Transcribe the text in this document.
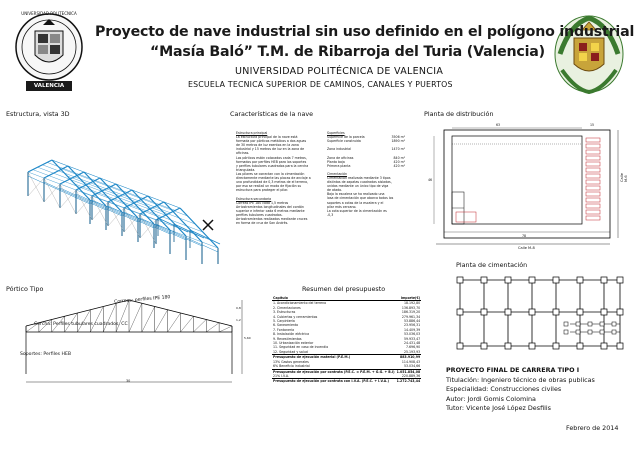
UNIVERSIDAD POLITECNICA
VALENCIA
Proyecto de nave industrial sin uso definido en el polígono industrial
“Masía Baló” T.M. de Ribarroja del Turia (Valencia)
UNIVERSIDAD POLITÉCNICA DE VALENCIA
ESCUELA TECNICA SUPERIOR DE CAMINOS, CANALES Y PUERTOS
Estructura, vista 3D	Características de la nave	Planta de distribución
Pórtico Tipo	Resumen del presupuesto
Planta de cimentación
Estructura principal
La estructura principal de la nave está
formada por pórticos metálicos a dos aguas
de 30 metros de luz exentos en la zona
industrial y 15 metros de luz en la zona de
oficinas.
Los pórticos están colocados cada 7 metros,
formados por perfiles HEB para los soportes
y perfiles tubulares cuadrados para la cercha
trianguladа.
Los pilares se conectan con la cimentación
directamente mediante las placas de anclaje a
una profundidad de 0,3 metros de el terreno,
por eso se realizó un modo de fijación su
estructura para proteger el pilar.

Estructura secundaria
Correas IPE 180 cada 1,5 metros
Arriostramientos longitudinales del cordón
superior e inferior cada 6 metros mediante
perfiles tubulares cuadrados.
Arriostramientos realizados mediante cruces
en forma de cruz de San Andrés.
Superficies
Superficie de la parcela	3506 m²
Superficie construida	1890 m²

Zona industrial	1470 m²

Zona de oficinas	840 m²
Planta baja	420 m²
Primera planta	420 m²
Cimentación
Cimentación realizada mediante 3 tipos
distintos de zapatas cuadradas aisladas,
unidas mediante un único tipo de viga
de atado.
Bajo la escalera se ha realizado una
losa de cimentación que abarca todos los
soportes a cotas de la escalera y el
pilar más cercano.
La cota superior de la cimentación es
-0,3
Calle M-8
Calle M-6
78
46
63	15
Cercha: Perfiles tubulares cuadrados, CC
Soportes: Perfiles HEB
Correas: perfiles IPE 180
30
0,8
5,60
1,2
Capítulo	Importe(€)
1. Acondicionamiento del terreno	18.192,80
2. Cimentaciones	136.893,70
3. Estructuras	186.319,20
4. Cubiertas y cerramientos	279.961,34
5. Carpintería	53.886,44
6. Saneamiento	23.956,31
7. Fontanería	14.409,39
8. Instalación eléctrica	53.036,03
9. Revestimientos	59.933,47
10. Urbanización exterior	24.431,48
11. Seguridad en caso de incendio	7.696,90
12. Seguridad y salud	25.193,93
Presupuesto de ejecución material (P.E.M.)	883.910,99
13% Gastos generales	114.908,43
6% Beneficio industrial	53.034,66
Presupuesto de ejecución por contrata (P.E.C. = P.E.M. + G.G. + B.I)	1.051.854,08
21% I.V.A.	220.889,36
Presupuesto de ejecución por contrata con I.V.A. (P.E.C. + I.V.A.)	1.272.743,44
PROYECTO FINAL DE CARRERA TIPO I
Titulación: Ingeniero técnico de obras publicas
Especialidad: Construcciones civiles
Autor: Jordi Gomis Colomina
Tutor: Vicente José López Desfilis
Febrero de 2014
